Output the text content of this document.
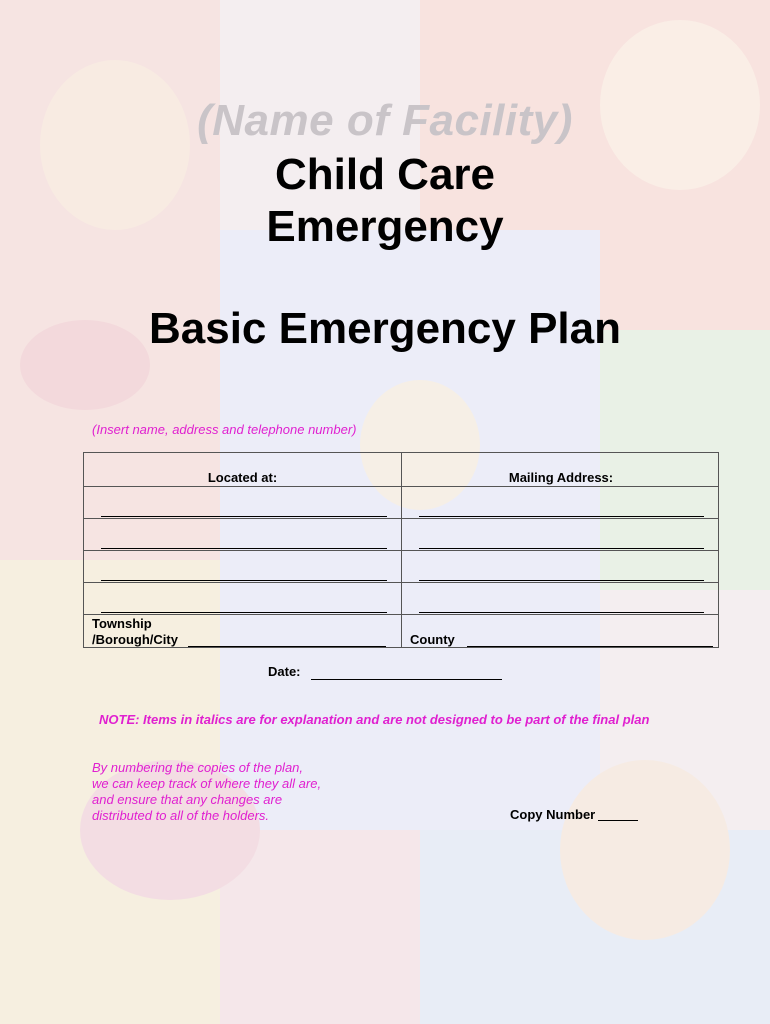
(Name of Facility)
Child Care
Emergency
Basic Emergency Plan
(Insert name, address and telephone number)
Located at:	Mailing Address:
Township
/Borough/City	County
Date:
NOTE: Items in italics are for explanation and are not designed to be part of the final plan
By numbering the copies of the plan,
we can keep track of where they all are,
and ensure that any changes are
distributed to all of the holders.	Copy Number
